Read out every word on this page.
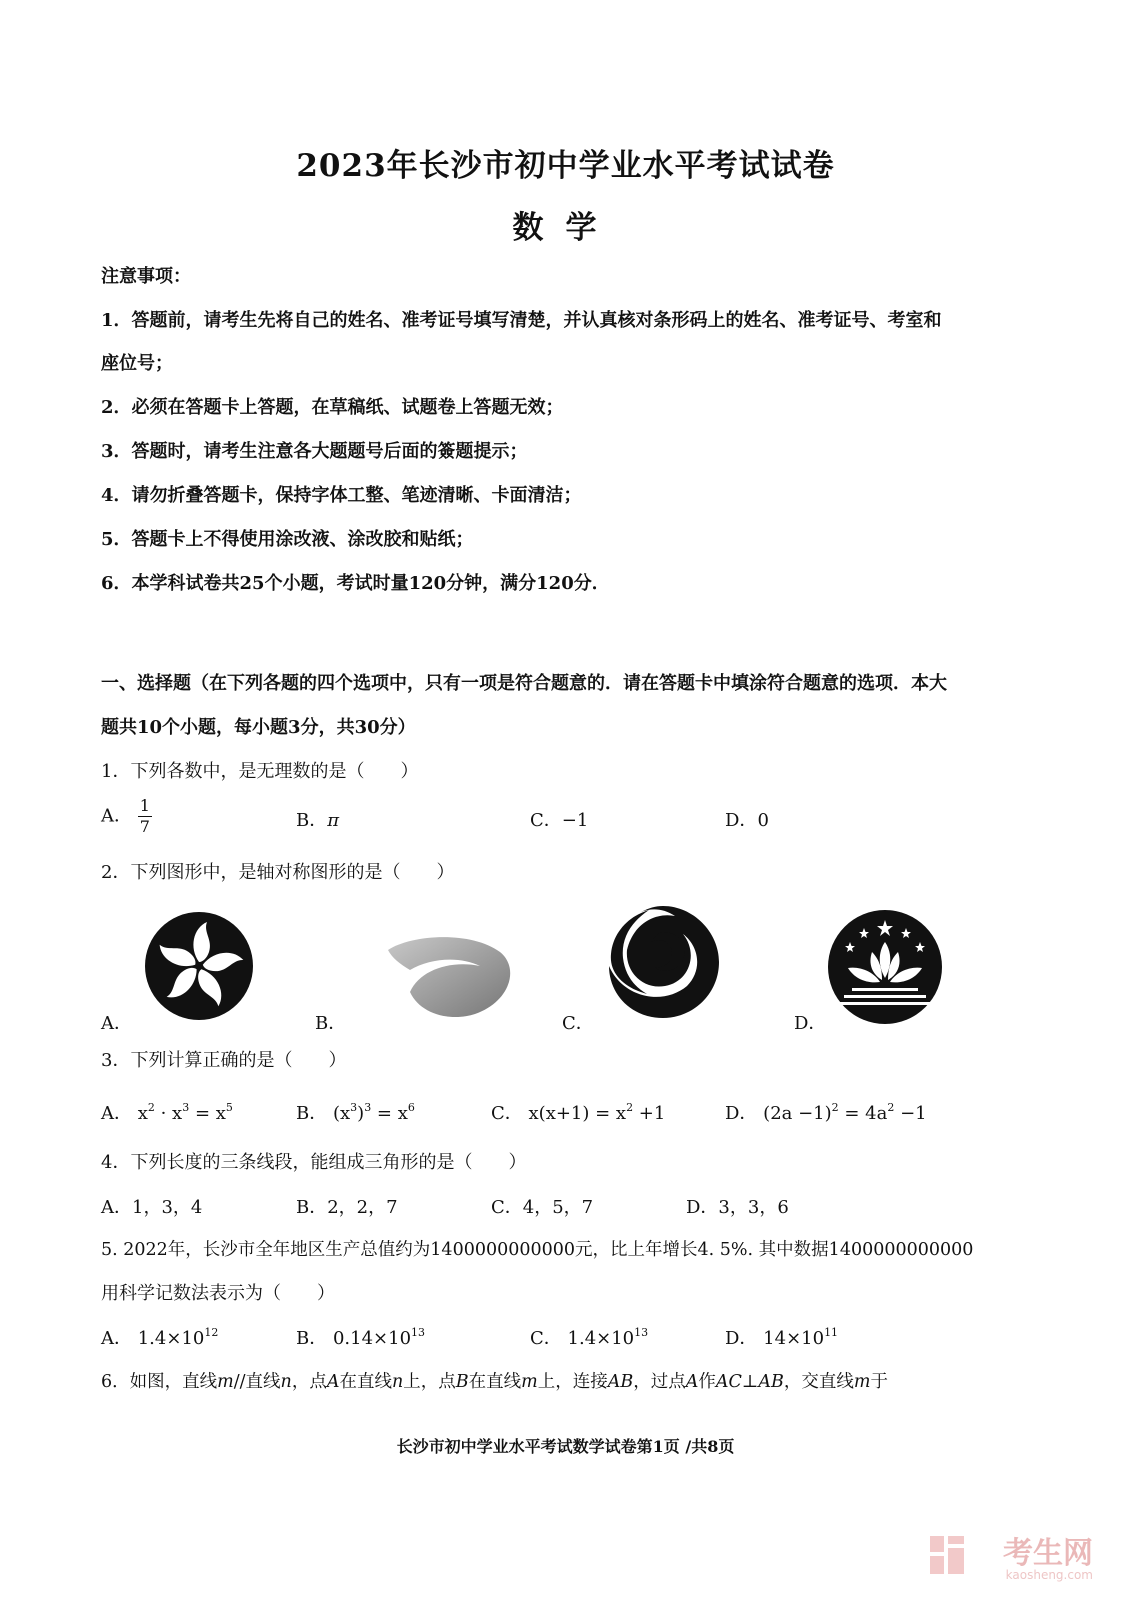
2023年长沙市初中学业水平考试试卷
数学
注意事项：
1．答题前，请考生先将自己的姓名、准考证号填写清楚，并认真核对条形码上的姓名、准考证号、考室和
座位号；
2．必须在答题卡上答题，在草稿纸、试题卷上答题无效；
3．答题时，请考生注意各大题题号后面的簽题提示；
4．请勿折叠答题卡，保持字体工整、笔迹清晰、卡面清洁；
5．答题卡上不得使用涂改液、涂改胶和贴纸；
6．本学科试卷共25个小题，考试时量120分钟，满分120分．
一、选择题（在下列各题的四个选项中，只有一项是符合题意的．请在答题卡中填涂符合题意的选项．本大
题共10个小题，每小题3分，共30分）
1．下列各数中，是无理数的是（　　）
A． $\frac{1}{7}$	B．π	C．−1	D．0
2．下列图形中，是轴对称图形的是（　　）
A．	B．	C．	D．
3．下列计算正确的是（　　）
A． $x^2 \cdot x^3 = x^5$	B． $(x^3)^3 = x^6$	C． $x(x+1) = x^2 +1$	D． $(2a -1)^2 = 4a^2 -1$
4．下列长度的三条线段，能组成三角形的是（　　）
A．1，3，4	B．2，2，7	C．4，5，7	D．3，3，6
5. 2022年，长沙市全年地区生产总值约为1400000000000元，比上年增长4. 5%. 其中数据1400000000000
用科学记数法表示为（　　）
A． $1.4\times 10^{12}$	B． $0.14\times 10^{13}$	C． $1.4\times 10^{13}$	D． $14\times 10^{11}$
6．如图，直线m//直线n，点A在直线n上，点B在直线m上，连接AB，过点A作AC⊥AB，交直线m于
长沙市初中学业水平考试数学试卷第1页 /共8页
考生网
kaosheng.com
